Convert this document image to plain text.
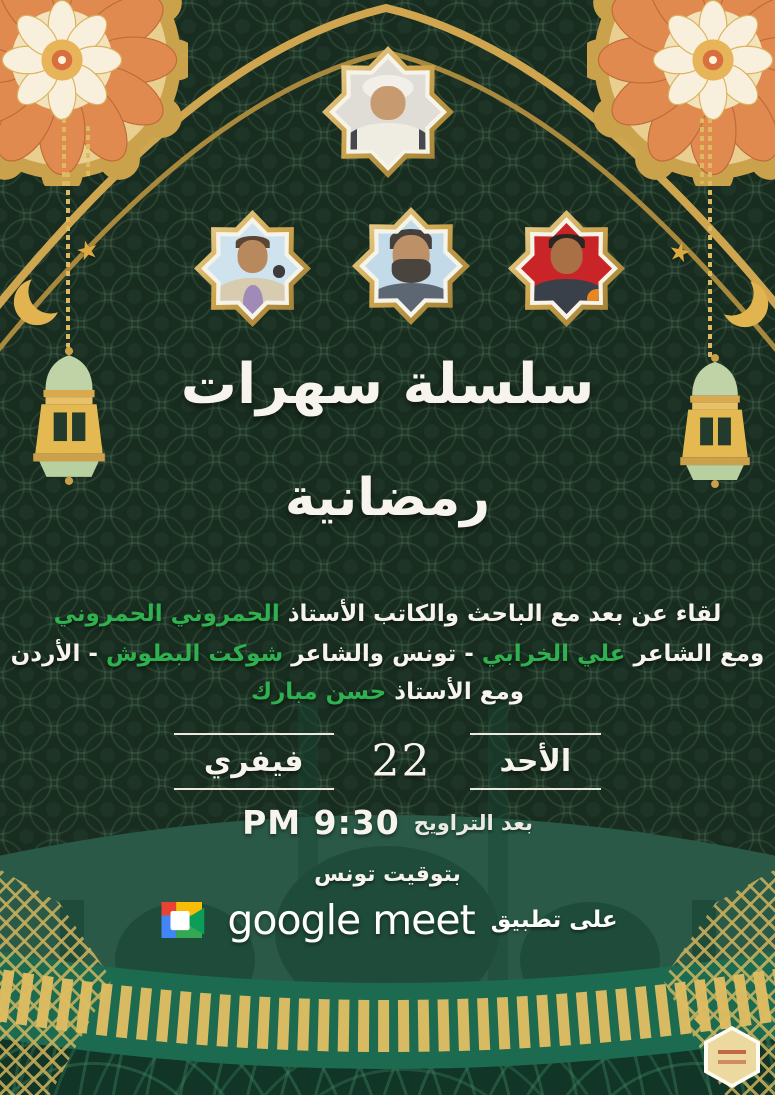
★	★
سلسلة سهرات
رمضانية

لقاء عن بعد مع الباحث والكاتب الأستاذ الحمروني الحمروني

ومع الشاعر علي الخرابي - تونس والشاعر شوكت البطوش - الأردن

ومع الأستاذ حسن مبارك

الأحد
22
فيفري
بعد التراويح
9:30 PM
بتوقيت تونس
على تطبيق
google meet
